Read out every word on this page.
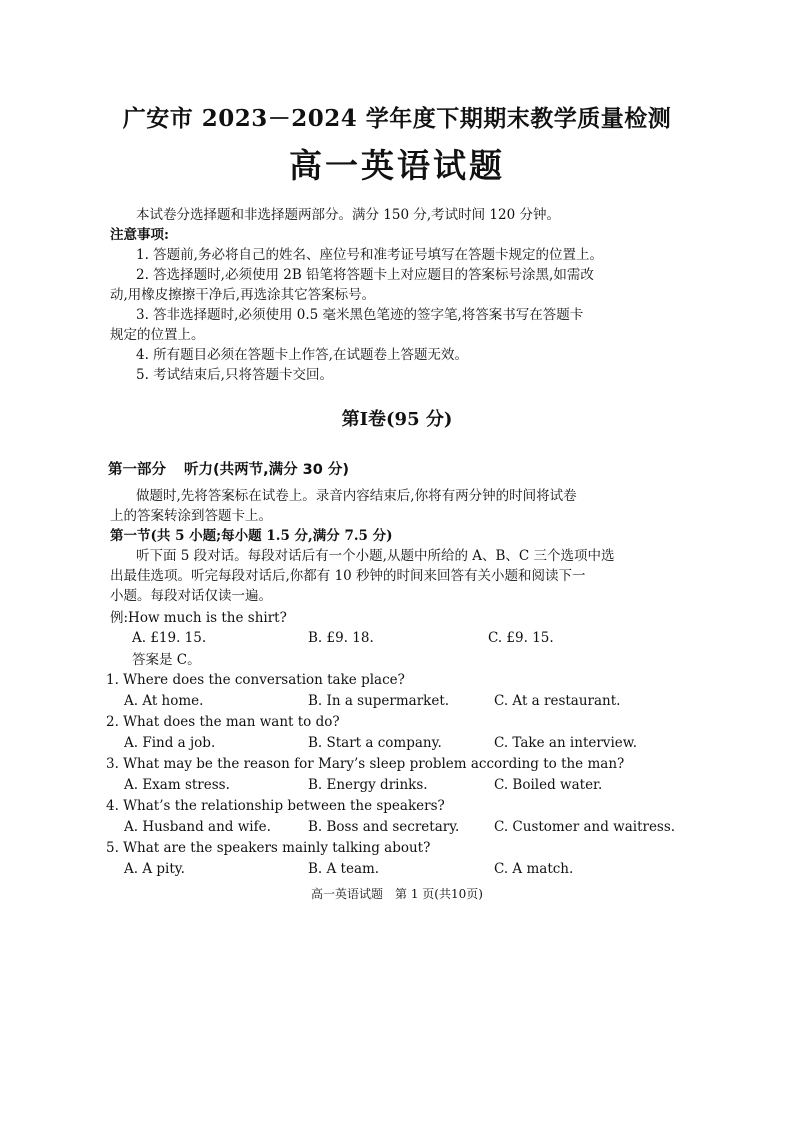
广安市 2023－2024 学年度下期期末教学质量检测
高一英语试题
本试卷分选择题和非选择题两部分。满分 150 分,考试时间 120 分钟。
注意事项:
1. 答题前,务必将自己的姓名、座位号和准考证号填写在答题卡规定的位置上。
2. 答选择题时,必须使用 2B 铅笔将答题卡上对应题目的答案标号涂黑,如需改
动,用橡皮擦擦干净后,再选涂其它答案标号。
3. 答非选择题时,必须使用 0.5 毫米黑色笔迹的签字笔,将答案书写在答题卡
规定的位置上。
4. 所有题目必须在答题卡上作答,在试题卷上答题无效。
5. 考试结束后,只将答题卡交回。
第Ⅰ卷(95 分)
第一部分 听力(共两节,满分 30 分)
做题时,先将答案标在试卷上。录音内容结束后,你将有两分钟的时间将试卷
上的答案转涂到答题卡上。
第一节(共 5 小题;每小题 1.5 分,满分 7.5 分)
听下面 5 段对话。每段对话后有一个小题,从题中所给的 A、B、C 三个选项中选
出最佳选项。听完每段对话后,你都有 10 秒钟的时间来回答有关小题和阅读下一
小题。每段对话仅读一遍。
例:How much is the shirt?
A. £19. 15.	B. £9. 18.	C. £9. 15.
答案是 C。
1. Where does the conversation take place?
A. At home.	B. In a supermarket.	C. At a restaurant.
2. What does the man want to do?
A. Find a job.	B. Start a company.	C. Take an interview.
3. What may be the reason for Mary’s sleep problem according to the man?
A. Exam stress.	B. Energy drinks.	C. Boiled water.
4. What’s the relationship between the speakers?
A. Husband and wife.	B. Boss and secretary.	C. Customer and waitress.
5. What are the speakers mainly talking about?
A. A pity.	B. A team.	C. A match.
高一英语试题　第 1 页(共10页)
